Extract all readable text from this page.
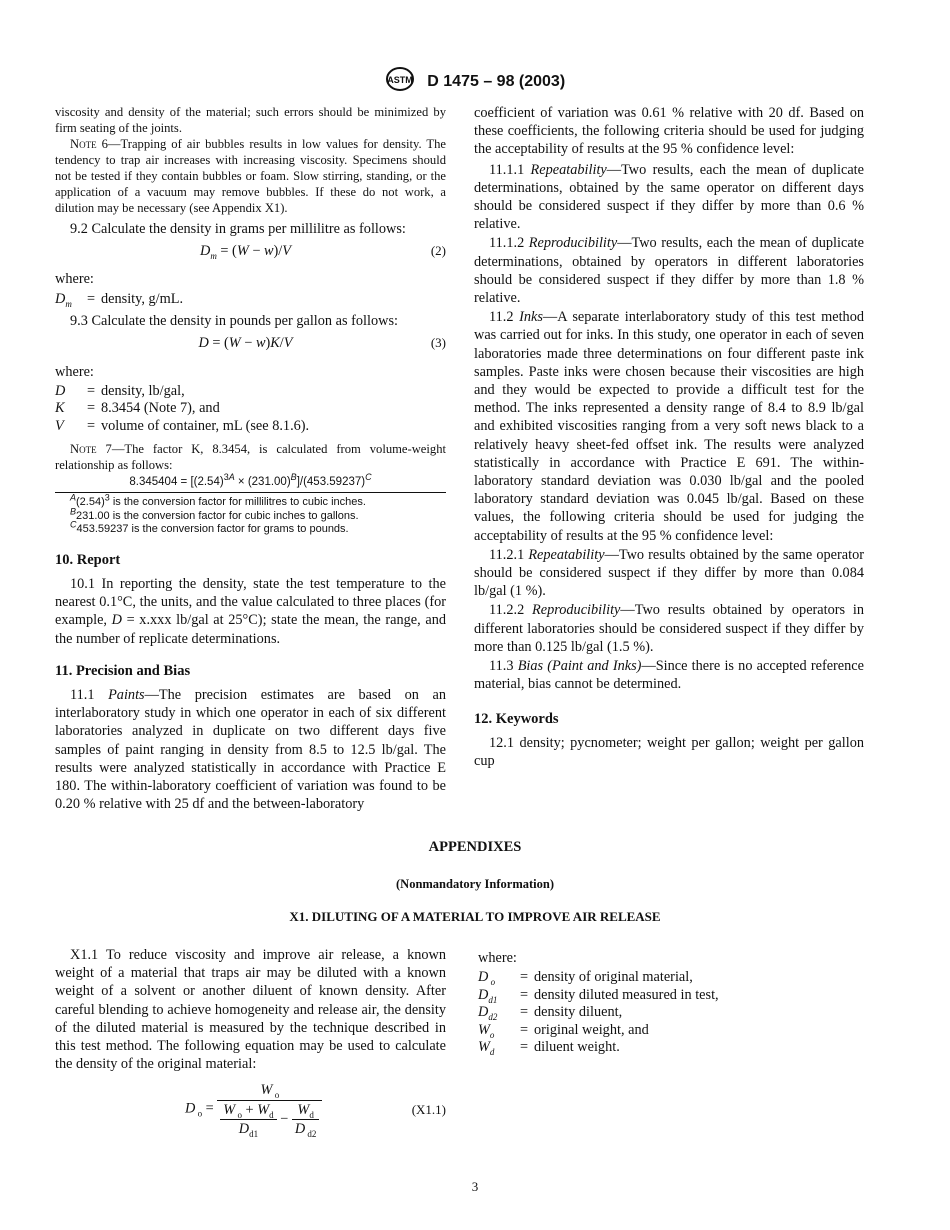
ASTM D 1475 – 98 (2003)

viscosity and density of the material; such errors should be minimized by firm seating of the joints.

Note 6—Trapping of air bubbles results in low values for density. The tendency to trap air increases with increasing viscosity. Specimens should not be tested if they contain bubbles or foam. Slow stirring, standing, or the application of a vacuum may remove bubbles. If these do not work, a dilution may be necessary (see Appendix X1).

9.2 Calculate the density in grams per millilitre as follows:

$D_m = (W - w)/V$	(2)

where:

$D_m$	= density, g/mL.

9.3 Calculate the density in pounds per gallon as follows:

D = (W − w)K/V	(3)

where:

D	= density, lb/gal,
K	= 8.3454 (Note 7), and
V	= volume of container, mL (see 8.1.6).

Note 7—The factor K, 8.3454, is calculated from volume-weight relationship as follows:

$8.345404 = [(2.54)^{3A} \times (231.00)^B]/(453.59237)^C$

$^A(2.54)^3$ is the conversion factor for millilitres to cubic inches.

$^B$231.00 is the conversion factor for cubic inches to gallons.

$^C$453.59237 is the conversion factor for grams to pounds.

10. Report

10.1 In reporting the density, state the test temperature to the nearest 0.1°C, the units, and the value calculated to three places (for example, D = x.xxx lb/gal at 25°C); state the mean, the range, and the number of replicate determinations.

11. Precision and Bias

11.1 Paints—The precision estimates are based on an interlaboratory study in which one operator in each of six different laboratories analyzed in duplicate on two different days five samples of paint ranging in density from 8.5 to 12.5 lb/gal. The results were analyzed statistically in accordance with Practice E 180. The within-laboratory coefficient of variation was found to be 0.20 % relative with 25 df and the between-laboratory

coefficient of variation was 0.61 % relative with 20 df. Based on these coefficients, the following criteria should be used for judging the acceptability of results at the 95 % confidence level:

11.1.1 Repeatability—Two results, each the mean of duplicate determinations, obtained by the same operator on different days should be considered suspect if they differ by more than 0.6 % relative.

11.1.2 Reproducibility—Two results, each the mean of duplicate determinations, obtained by operators in different laboratories should be considered suspect if they differ by more than 1.8 % relative.

11.2 Inks—A separate interlaboratory study of this test method was carried out for inks. In this study, one operator in each of seven laboratories made three determinations on four different paste ink samples. Paste inks were chosen because their viscosities are high and they would be expected to provide a difficult test for the method. The inks represented a density range of 8.4 to 8.9 lb/gal and exhibited viscosities ranging from a very soft news black to a relatively heavy sheet-fed offset ink. The results were analyzed statistically in accordance with Practice E 691. The within-laboratory standard deviation was 0.030 lb/gal and the pooled laboratory standard deviation was 0.045 lb/gal. Based on these values, the following criteria should be used for judging the acceptability of results at the 95 % confidence level:

11.2.1 Repeatability—Two results obtained by the same operator should be considered suspect if they differ by more than 0.084 lb/gal (1 %).

11.2.2 Reproducibility—Two results obtained by operators in different laboratories should be considered suspect if they differ by more than 0.125 lb/gal (1.5 %).

11.3 Bias (Paint and Inks)—Since there is no accepted reference material, bias cannot be determined.

12. Keywords

12.1 density; pycnometer; weight per gallon; weight per gallon cup

APPENDIXES
(Nonmandatory Information)
X1. DILUTING OF A MATERIAL TO IMPROVE AIR RELEASE

X1.1 To reduce viscosity and improve air release, a known weight of a material that traps air may be diluted with a known weight of a solvent or another diluent of known density. After careful blending to achieve homogeneity and release air, the density of the diluted material is measured by the technique described in this test method. The following equation may be used to calculate the density of the original material:

D $_o = \frac{W _o}{\frac{W _o + W_d}{D_{d1}} - \frac{W_d}{D _{d2}}}$	(X1.1)

where:

D $_o$	= density of original material,
$D_{d1}$	= density diluted measured in test,
$D_{d2}$	= density diluent,
$W_o$	= original weight, and
$W_d$	= diluent weight.
3
